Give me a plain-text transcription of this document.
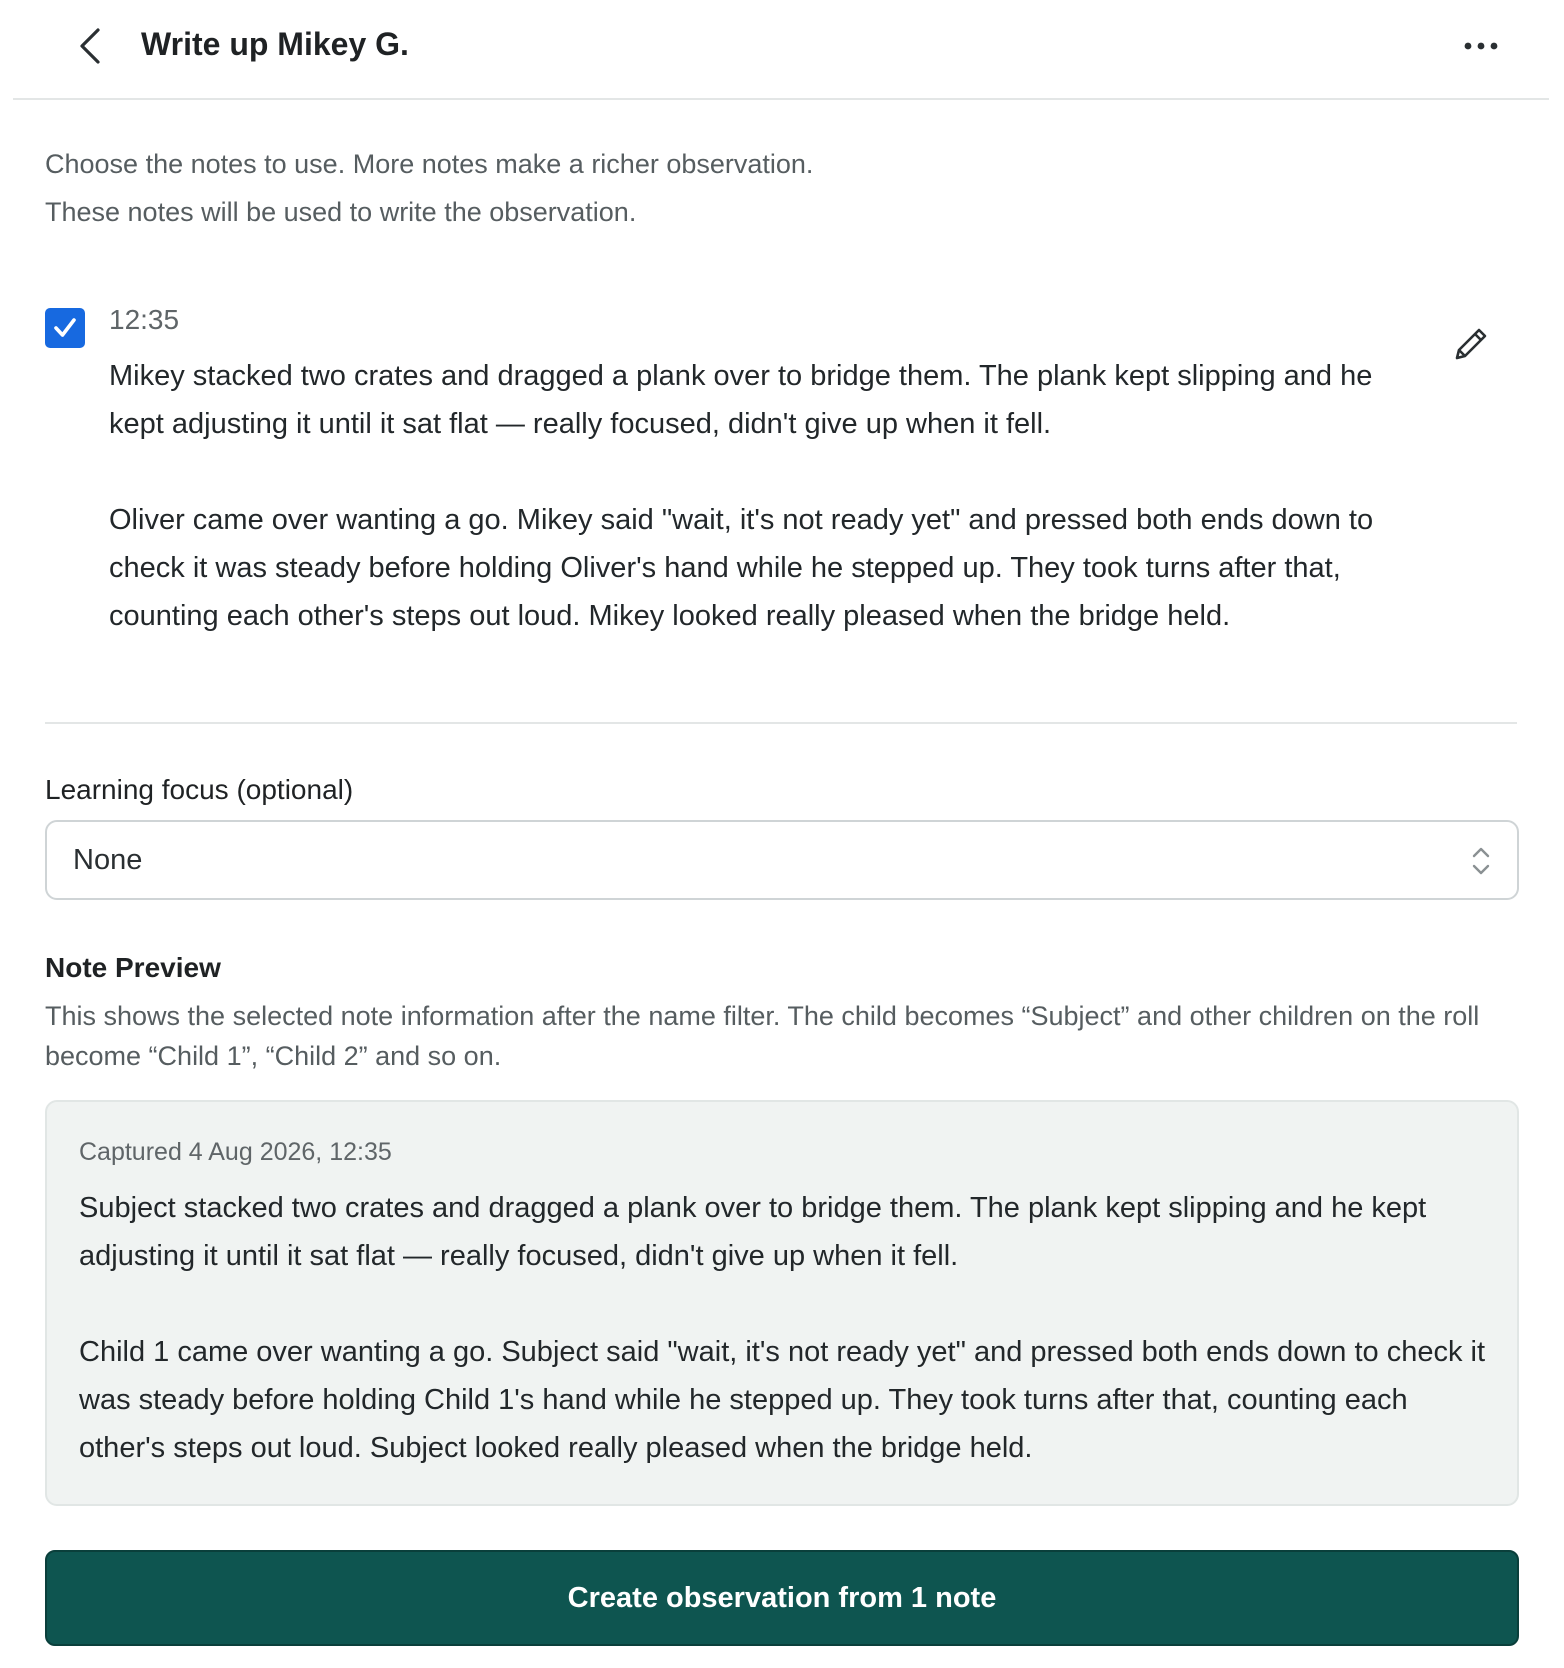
Write up Mikey G.

Choose the notes to use. More notes make a richer observation.

These notes will be used to write the observation.

12:35
Mikey stacked two crates and dragged a plank over to bridge them. The plank kept slipping and he kept adjusting it until it sat flat — really focused, didn't give up when it fell.

Oliver came over wanting a go. Mikey said "wait, it's not ready yet" and pressed both ends down to check it was steady before holding Oliver's hand while he stepped up. They took turns after that, counting each other's steps out loud. Mikey looked really pleased when the bridge held.
Learning focus (optional)
None
Note Preview
This shows the selected note information after the name filter. The child becomes “Subject” and other children on the roll become “Child 1”, “Child 2” and so on.
Captured 4 Aug 2026, 12:35
Subject stacked two crates and dragged a plank over to bridge them. The plank kept slipping and he kept adjusting it until it sat flat — really focused, didn't give up when it fell.

Child 1 came over wanting a go. Subject said "wait, it's not ready yet" and pressed both ends down to check it was steady before holding Child 1's hand while he stepped up. They took turns after that, counting each other's steps out loud. Subject looked really pleased when the bridge held.
Create observation from 1 note
